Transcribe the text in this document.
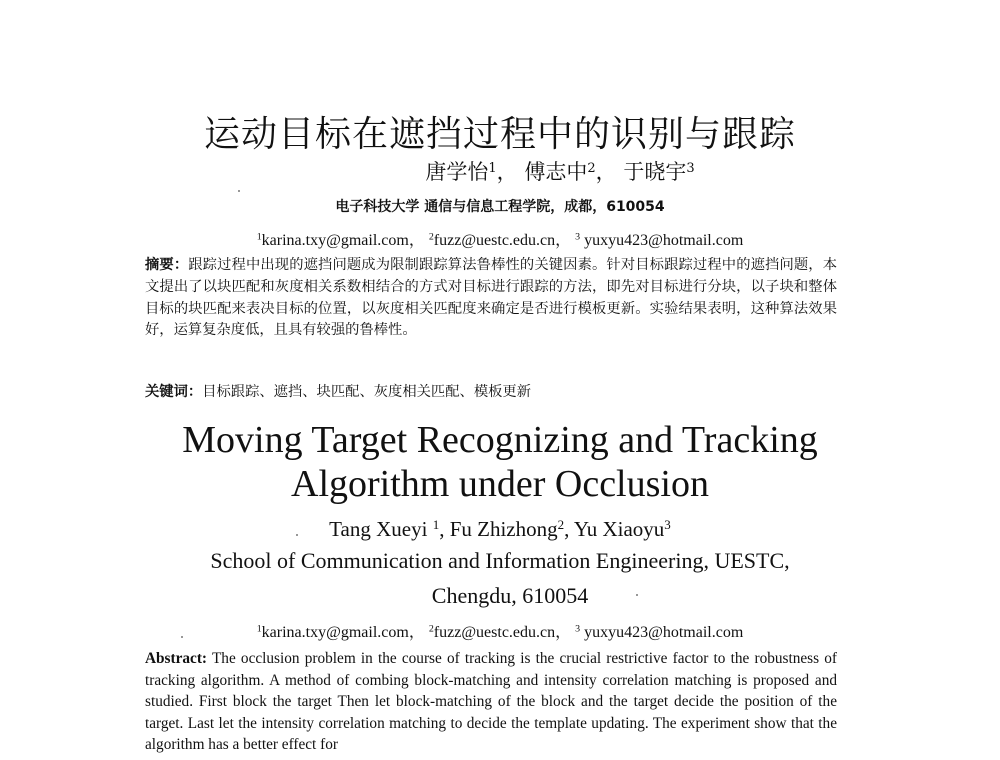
运动目标在遮挡过程中的识别与跟踪
唐学怡$^1$， 傅志中$^2$， 于晓宇$^3$
电子科技大学 通信与信息工程学院，成都，610054
$^1$karina.txy@gmail.com， $^2$fuzz@uestc.edu.cn， $^3$ yuxyu423@hotmail.com

摘要：跟踪过程中出现的遮挡问题成为限制跟踪算法鲁棒性的关键因素。针对目标跟踪过程中的遮挡问题，本文提出了以块匹配和灰度相关系数相结合的方式对目标进行跟踪的方法，即先对目标进行分块，以子块和整体目标的块匹配来表决目标的位置，以灰度相关匹配度来确定是否进行模板更新。实验结果表明，这种算法效果好，运算复杂度低，且具有较强的鲁棒性。

关键词：目标跟踪、遮挡、块匹配、灰度相关匹配、模板更新

Moving Target Recognizing and Tracking
Algorithm under Occlusion
Tang Xueyi $^1$, Fu Zhizhong$^2$, Yu Xiaoyu$^3$
School of Communication and Information Engineering, UESTC,
Chengdu, 610054
$^1$karina.txy@gmail.com， $^2$fuzz@uestc.edu.cn， $^3$ yuxyu423@hotmail.com

Abstract: The occlusion problem in the course of tracking is the crucial restrictive factor to the robustness of tracking algorithm. A method of combing block-matching and intensity correlation matching is proposed and studied. First block the target Then let block-matching of the block and the target decide the position of the target. Last let the intensity correlation matching to decide the template updating. The experiment show that the algorithm has a better effect for
